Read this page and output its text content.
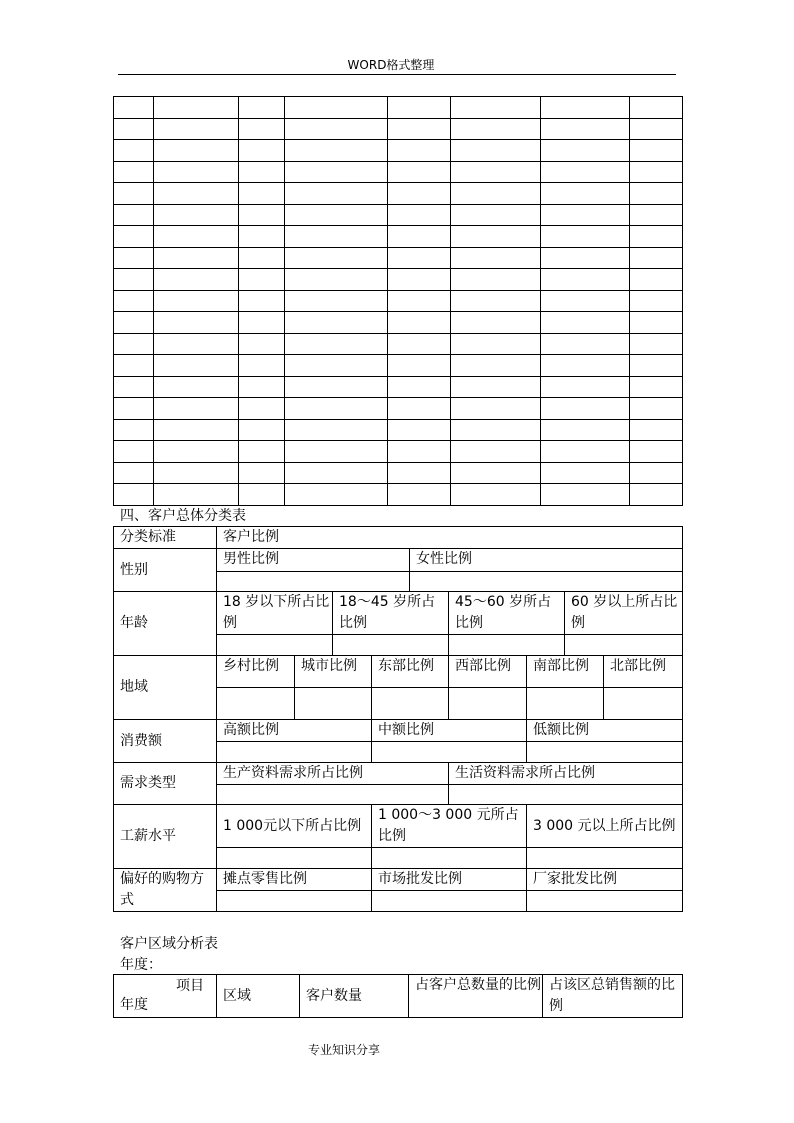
WORD格式整理

四、客户总体分类表
分类标准	客户比例								
性别	男性比例				女性比例				

年龄	18 岁以下所占比例		18～45 岁所占比例			45～60 岁所占比例		60 岁以上所占比例	

地域	乡村比例	城市比例		东部比例		西部比例	南部比例		北部比例

消费额	高额比例			中额比例			低额比例		

需求类型	生产资料需求所占比例					生活资料需求所占比例			

工薪水平	1 000元以下所占比例			1 000～3 000 元所占比例			3 000 元以上所占比例		

偏好的购物方式	摊点零售比例			市场批发比例			厂家批发比例		

客户区域分析表
年度：
项目
年度
	区域	客户数量	占客户总数量的比例	占该区总销售额的比例
专业知识分享
